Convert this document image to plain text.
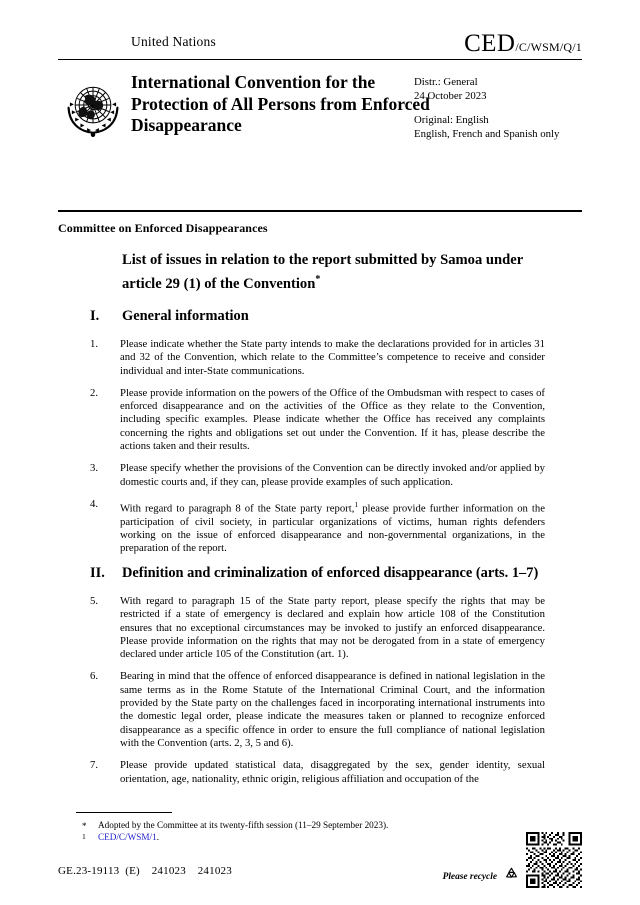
United Nations	CED/C/WSM/Q/1
International Convention for the Protection of All Persons from Enforced Disappearance
Distr.: General
24 October 2023
Original: English
English, French and Spanish only
Committee on Enforced Disappearances
List of issues in relation to the report submitted by Samoa under article 29 (1) of the Convention*
I. General information
1. Please indicate whether the State party intends to make the declarations provided for in articles 31 and 32 of the Convention, which relate to the Committee’s competence to receive and consider individual and inter-State communications.
2. Please provide information on the powers of the Office of the Ombudsman with respect to cases of enforced disappearance and on the activities of the Office as they relate to the Convention, including specific examples. Please indicate whether the Office has received any complaints concerning the rights and obligations set out under the Convention. If it has, please describe the actions taken and their results.
3. Please specify whether the provisions of the Convention can be directly invoked and/or applied by domestic courts and, if they can, please provide examples of such application.
4. With regard to paragraph 8 of the State party report,$^1$ please provide further information on the participation of civil society, in particular organizations of victims, human rights defenders working on the issue of enforced disappearance and non-governmental organizations, in the preparation of the report.
II. Definition and criminalization of enforced disappearance (arts. 1–7)
5. With regard to paragraph 15 of the State party report, please specify the rights that may be restricted if a state of emergency is declared and explain how article 108 of the Constitution ensures that no exceptional circumstances may be invoked to justify an enforced disappearance. Please provide information on the rights that may not be derogated from in a state of emergency declared under article 105 of the Constitution (art. 1).
6. Bearing in mind that the offence of enforced disappearance is defined in national legislation in the same terms as in the Rome Statute of the International Criminal Court, and the information provided by the State party on the challenges faced in incorporating international instruments into the domestic legal order, please indicate the measures taken or planned to recognize enforced disappearance as a specific offence in order to ensure the full compliance of national legislation with the Convention (arts. 2, 3, 5 and 6).
7. Please provide updated statistical data, disaggregated by the sex, gender identity, sexual orientation, age, nationality, ethnic origin, religious affiliation and occupation of the
* Adopted by the Committee at its twenty-fifth session (11–29 September 2023).
1 CED/C/WSM/1.
GE.23-19113  (E)    241023    241023	Please recycle
